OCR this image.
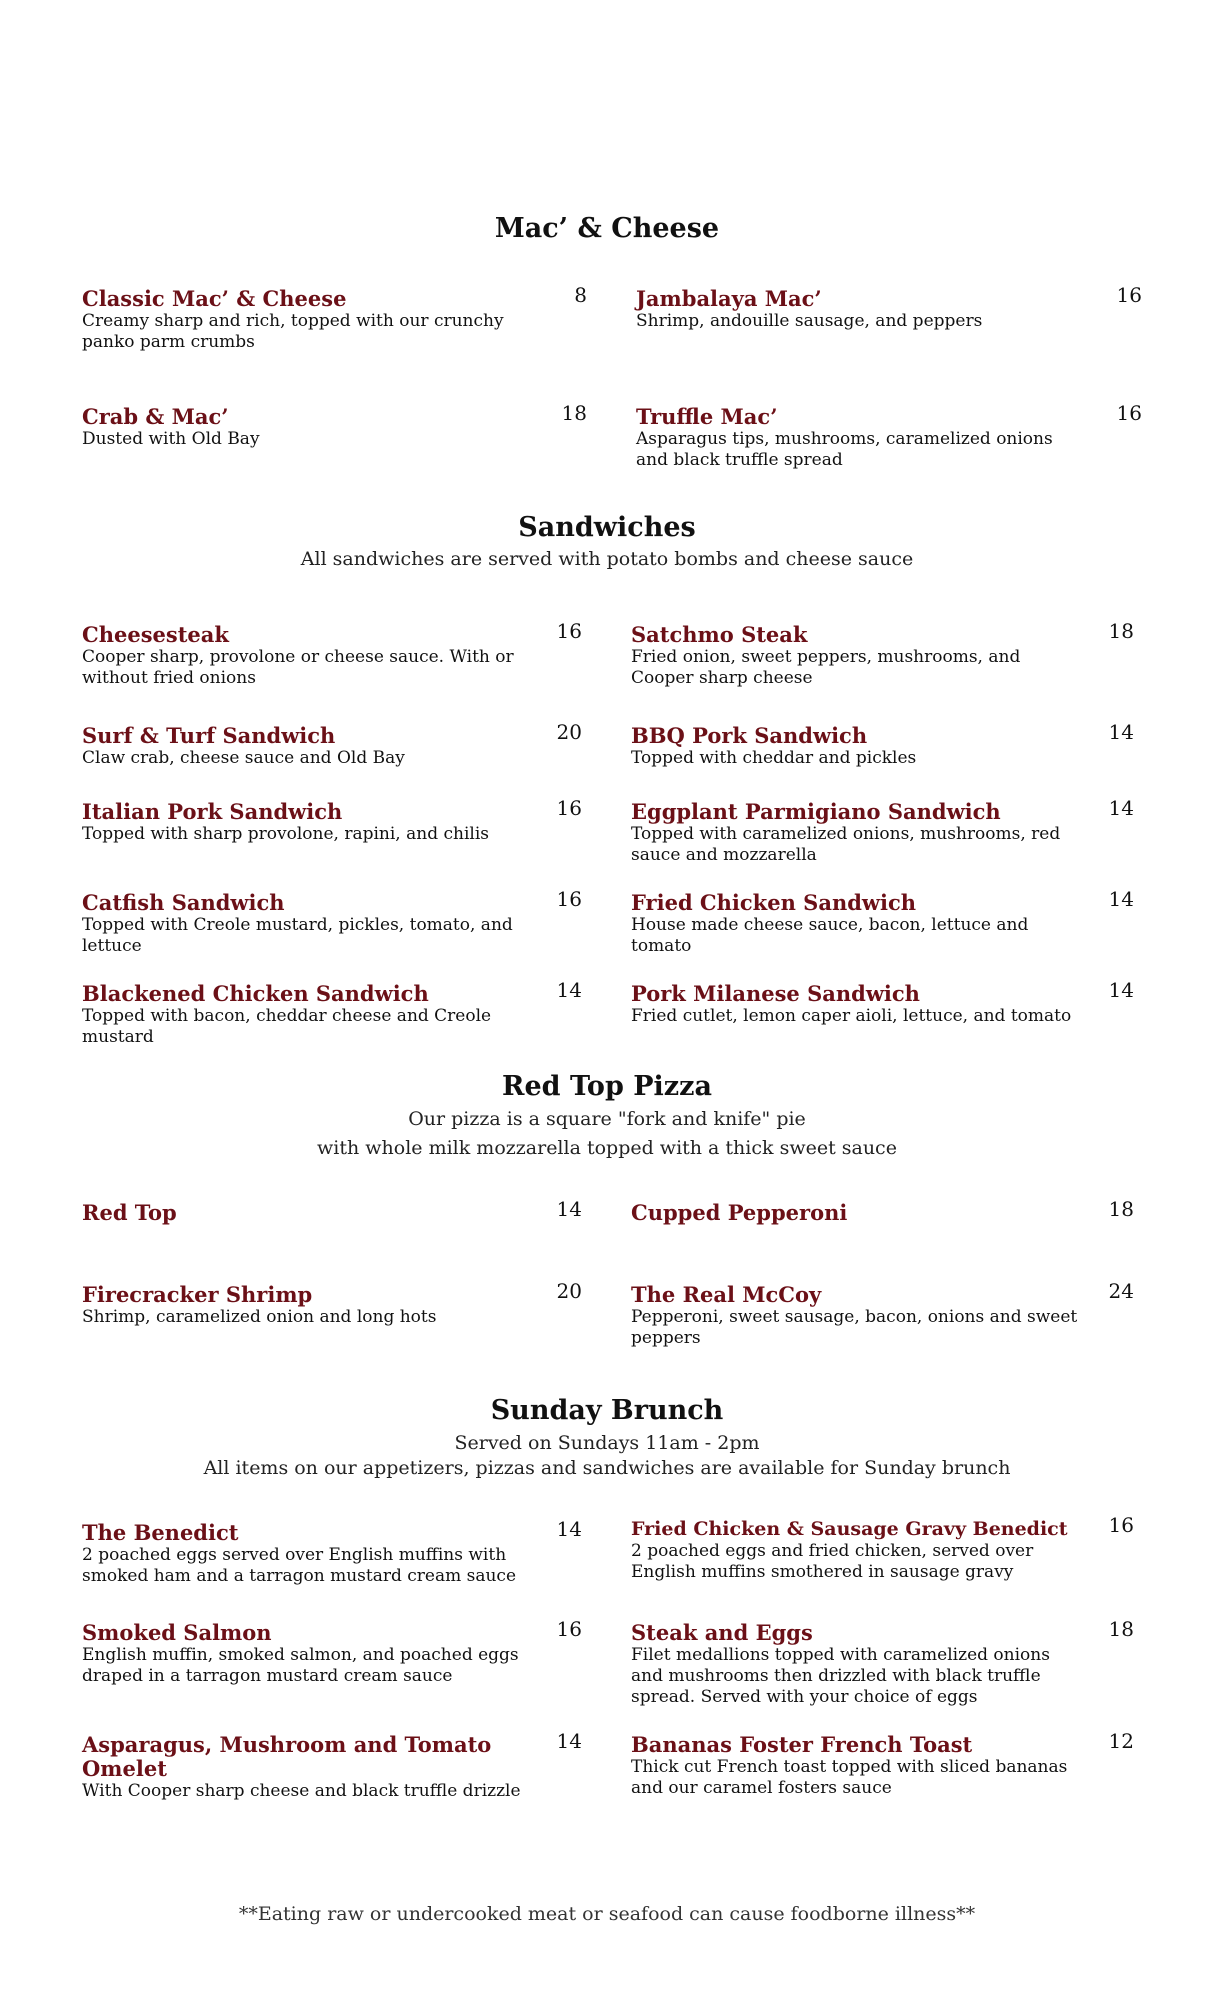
Mac’ & Cheese
Classic Mac’ & Cheese
Creamy sharp and rich, topped with our crunchy panko parm crumbs
8 Jambalaya Mac’
Shrimp, andouille sausage, and peppers
16
Crab & Mac’
Dusted with Old Bay
18 Truffle Mac’
Asparagus tips, mushrooms, caramelized onions and black truffle spread
16
Sandwiches
All sandwiches are served with potato bombs and cheese sauce
Cheesesteak
Cooper sharp, provolone or cheese sauce. With or without fried onions
16 Satchmo Steak
Fried onion, sweet peppers, mushrooms, and Cooper sharp cheese
18
Surf & Turf Sandwich
Claw crab, cheese sauce and Old Bay
20 BBQ Pork Sandwich
Topped with cheddar and pickles
14
Italian Pork Sandwich
Topped with sharp provolone, rapini, and chilis
16 Eggplant Parmigiano Sandwich
Topped with caramelized onions, mushrooms, red sauce and mozzarella
14
Catfish Sandwich
Topped with Creole mustard, pickles, tomato, and lettuce
16 Fried Chicken Sandwich
House made cheese sauce, bacon, lettuce and tomato
14
Blackened Chicken Sandwich
Topped with bacon, cheddar cheese and Creole mustard
14 Pork Milanese Sandwich
Fried cutlet, lemon caper aioli, lettuce, and tomato
14
Red Top Pizza
Our pizza is a square "fork and knife" pie
with whole milk mozzarella topped with a thick sweet sauce
Red Top	14 Cupped Pepperoni	18
Firecracker Shrimp
Shrimp, caramelized onion and long hots
20 The Real McCoy
Pepperoni, sweet sausage, bacon, onions and sweet peppers
24
Sunday Brunch
Served on Sundays 11am - 2pm
All items on our appetizers, pizzas and sandwiches are available for Sunday brunch
The Benedict
2 poached eggs served over English muffins with smoked ham and a tarragon mustard cream sauce
14	Fried Chicken & Sausage Gravy Benedict
2 poached eggs and fried chicken, served over English muffins smothered in sausage gravy
16
Smoked Salmon
English muffin, smoked salmon, and poached eggs draped in a tarragon mustard cream sauce
16 Steak and Eggs
Filet medallions topped with caramelized onions and mushrooms then drizzled with black truffle spread. Served with your choice of eggs
18
Asparagus, Mushroom and Tomato Omelet
With Cooper sharp cheese and black truffle drizzle
14 Bananas Foster French Toast
Thick cut French toast topped with sliced bananas and our caramel fosters sauce
12
**Eating raw or undercooked meat or seafood can cause foodborne illness**
